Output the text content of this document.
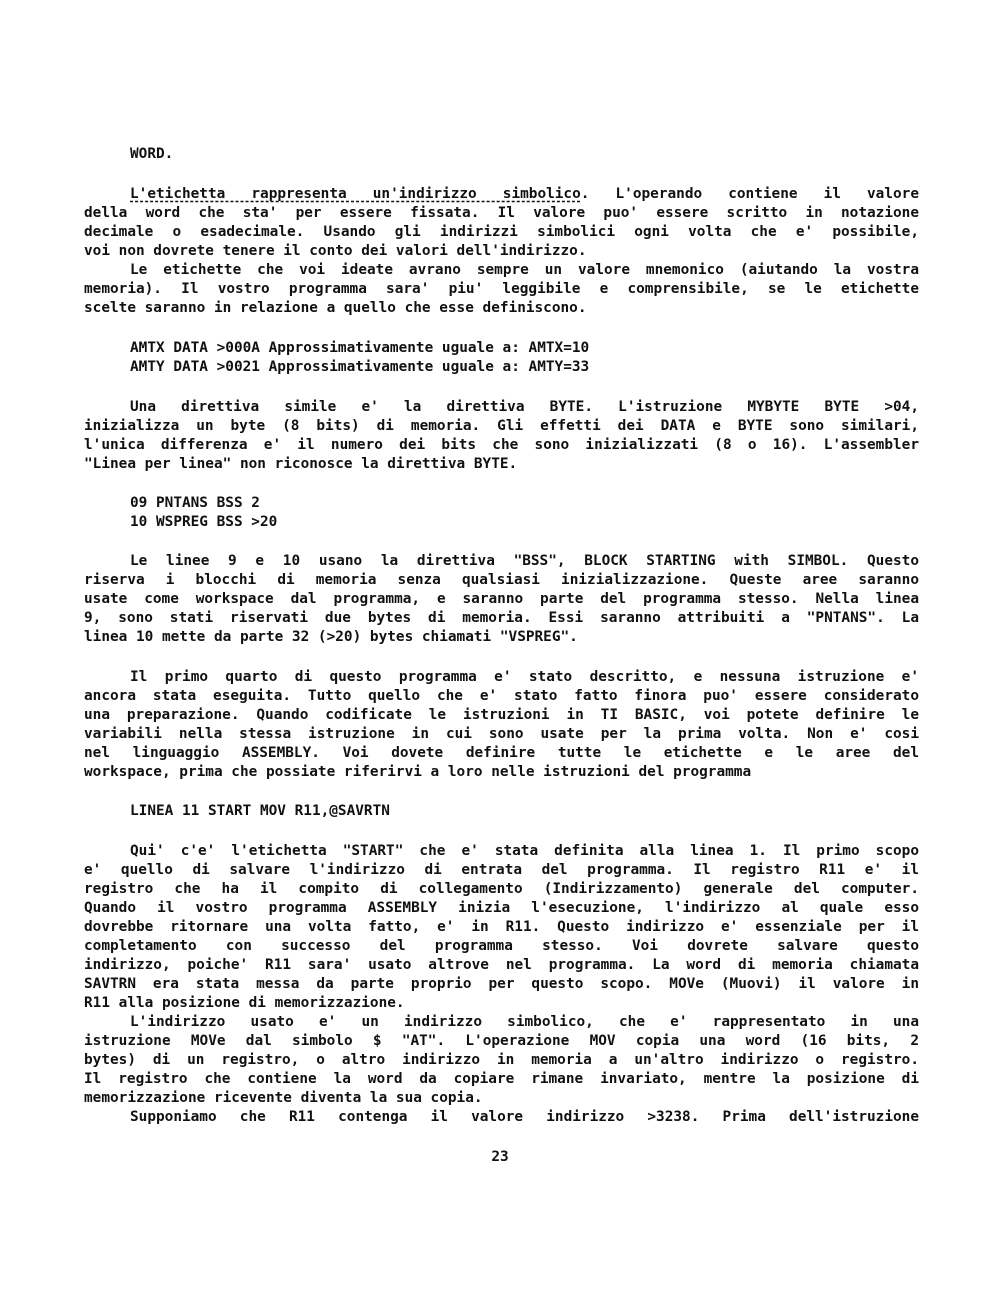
WORD.

L'etichetta rappresenta un'indirizzo simbolico. L'operando contiene il valore

della word che sta' per essere fissata. Il valore puo' essere scritto in notazione

decimale o esadecimale. Usando gli indirizzi simbolici ogni volta che e' possibile,

voi non dovrete tenere il conto dei valori dell'indirizzo.

Le etichette che voi ideate avrano sempre un valore mnemonico (aiutando la vostra

memoria). Il vostro programma sara' piu' leggibile e comprensibile, se le etichette

scelte saranno in relazione a quello che esse definiscono.

AMTX DATA >000A Approssimativamente uguale a: AMTX=10

AMTY DATA >0021 Approssimativamente uguale a: AMTY=33

Una direttiva simile e' la direttiva BYTE. L'istruzione MYBYTE BYTE >04,

inizializza un byte (8 bits) di memoria. Gli effetti dei DATA e BYTE sono similari,

l'unica differenza e' il numero dei bits che sono inizializzati (8 o 16). L'assembler

"Linea per linea" non riconosce la direttiva BYTE.

09 PNTANS BSS 2

10 WSPREG BSS >20

Le linee 9 e 10 usano la direttiva "BSS", BLOCK STARTING with SIMBOL. Questo

riserva i blocchi di memoria senza qualsiasi inizializzazione. Queste aree saranno

usate come workspace dal programma, e saranno parte del programma stesso. Nella linea

9, sono stati riservati due bytes di memoria. Essi saranno attribuiti a "PNTANS". La

linea 10 mette da parte 32 (>20) bytes chiamati "VSPREG".

Il primo quarto di questo programma e' stato descritto, e nessuna istruzione e'

ancora stata eseguita. Tutto quello che e' stato fatto finora puo' essere considerato

una preparazione. Quando codificate le istruzioni in TI BASIC, voi potete definire le

variabili nella stessa istruzione in cui sono usate per la prima volta. Non e' cosi

nel linguaggio ASSEMBLY. Voi dovete definire tutte le etichette e le aree del

workspace, prima che possiate riferirvi a loro nelle istruzioni del programma

LINEA 11 START MOV R11,@SAVRTN

Qui' c'e' l'etichetta "START" che e' stata definita alla linea 1. Il primo scopo

e' quello di salvare l'indirizzo di entrata del programma. Il registro R11 e' il

registro che ha il compito di collegamento (Indirizzamento) generale del computer.

Quando il vostro programma ASSEMBLY inizia l'esecuzione, l'indirizzo al quale esso

dovrebbe ritornare una volta fatto, e' in R11. Questo indirizzo e' essenziale per il

completamento con successo del programma stesso. Voi dovrete salvare questo

indirizzo, poiche' R11 sara' usato altrove nel programma. La word di memoria chiamata

SAVTRN era stata messa da parte proprio per questo scopo. MOVe (Muovi) il valore in

R11 alla posizione di memorizzazione.

L'indirizzo usato e' un indirizzo simbolico, che e' rappresentato in una

istruzione MOVe dal simbolo $ "AT". L'operazione MOV copia una word (16 bits, 2

bytes) di un registro, o altro indirizzo in memoria a un'altro indirizzo o registro.

Il registro che contiene la word da copiare rimane invariato, mentre la posizione di

memorizzazione ricevente diventa la sua copia.

Supponiamo che R11 contenga il valore indirizzo >3238. Prima dell'istruzione

23
